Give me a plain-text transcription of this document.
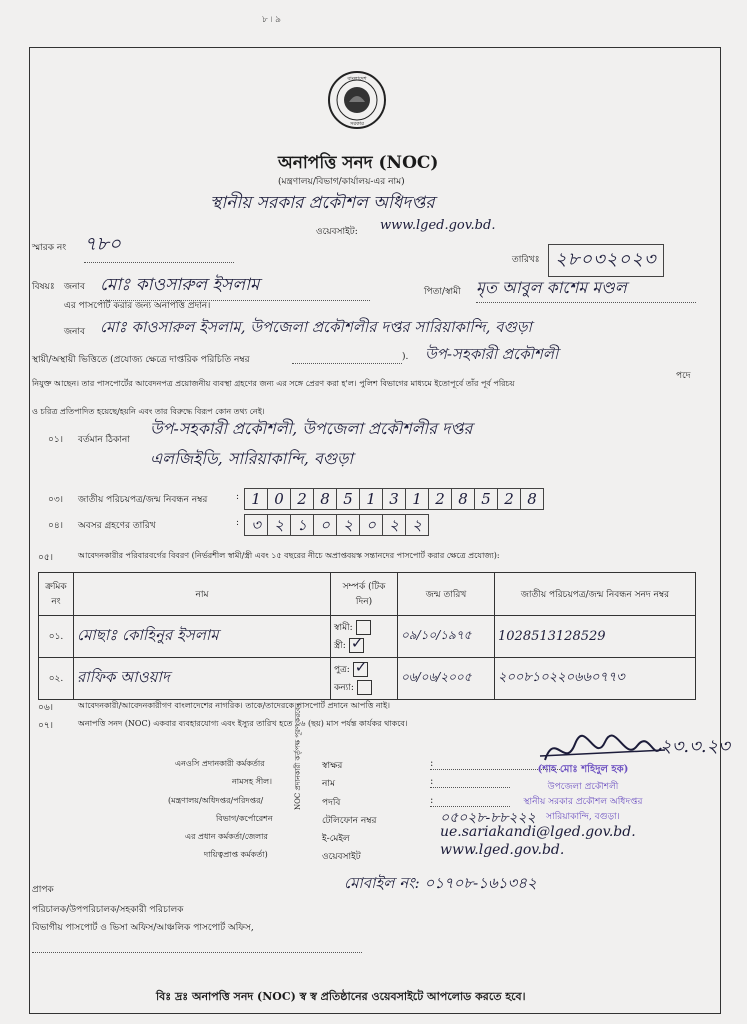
৮ ৷ ৯
বাংলাদেশ
সরকার
অনাপত্তি সনদ (NOC)
(মন্ত্রণালয়/বিভাগ/কার্যালয়-এর নাম)
স্থানীয় সরকার প্রকৌশল অধিদপ্তর
ওয়েবসাইট: www.lged.gov.bd.
স্মারক নং ৭৮০
তারিখঃ ২৮০৩২০২৩
বিষয়ঃ জনাব মোঃ কাওসারুল ইসলাম	পিতা/স্বামী মৃত আবুল কাশেম মণ্ডল
এর পাসপোর্ট করার জন্য অনাপত্তি প্রদান।
জনাব মোঃ কাওসারুল ইসলাম, উপজেলা প্রকৌশলীর দপ্তর সারিয়াকান্দি, বগুড়া
স্থায়ী/অস্থায়ী ভিত্তিতে (প্রযোজ্য ক্ষেত্রে দাপ্তরিক পরিচিতি নম্বর	). উপ-সহকারী প্রকৌশলী
পদে
নিযুক্ত আছেন। তার পাসপোর্টের আবেদনপত্র প্রয়োজনীয় ব্যবস্থা গ্রহণের জন্য এর সঙ্গে প্রেরণ করা হ'ল। পুলিশ বিভাগের মাধ্যমে ইতোপূর্বে তাঁর পূর্ব পরিচয়
ও চরিত্র প্রতিপাদিত হয়েছে/হয়নি এবং তার বিরুদ্ধে বিরূপ কোন তথ্য নেই।
০১। বর্তমান ঠিকানা
উপ-সহকারী প্রকৌশলী, উপজেলা প্রকৌশলীর দপ্তর
এলজিইডি, সারিয়াকান্দি, বগুড়া
০৩। জাতীয় পরিচয়পত্র/জন্ম নিবন্ধন নম্বর	: 1 0 2 8 5 1 3 1 2 8 5 2 8
০৪। অবসর গ্রহণের তারিখ	: ৩ ২ ১ ০ ২ ০ ২ ২
০৫।	আবেদনকারীর পরিবারবর্গের বিবরণ (নির্ভরশীল স্বামী/স্ত্রী এবং ১৫ বছরের নীচে অপ্রাপ্তবয়স্ক সন্তানদের পাসপোর্ট করার ক্ষেত্রে প্রযোজ্য):
ক্রমিক নং	নাম	সম্পর্ক (টিক দিন)	জন্ম তারিখ	জাতীয় পরিচয়পত্র/জন্ম নিবন্ধন সনদ নম্বর
০১.	মোছাঃ কোহিনুর ইসলাম	স্বামী:
স্ত্রী:✓	০৯/১০/১৯৭৫	1028513128529
০২.	রাফিক আওয়াদ	পুত্র:✓
কন্যা:	০৬/০৬/২০০৫	২০০৮১০২২০৬৬০৭৭৩
০৬।	আবেদনকারী/আবেদনকারীগণ বাংলাদেশের নাগরিক। তাকে/তাদেরকে পাসপোর্ট প্রদানে আপত্তি নাই।
০৭।	অনাপত্তি সনদ (NOC) একবার ব্যবহারযোগ্য এবং ইস্যুর তারিখ হতে ০৬ (ছয়) মাস পর্যন্ত কার্যকর থাকবে।
২৩.৩.২৩
এনওসি প্রদানকারী কর্মকর্তার
নামসহ সীল।
(মন্ত্রণালয়/অধিদপ্তর/পরিদপ্তর/
বিভাগ/কর্পোরেশন
এর প্রধান কর্মকর্তা/জেলার
দায়িত্বপ্রাপ্ত কর্মকর্তা)
NOC প্রদানকারী কর্তৃপক্ষ পূরণ করবেন স্বাক্ষর	:
নাম	:
পদবি	:
টেলিফোন নম্বর	০৫০২৮-৮৮২২২
ই-মেইল	ue.sariakandi@lged.gov.bd.
ওয়েবসাইট	www.lged.gov.bd.
(শাহ মোঃ শহিদুল হক)
উপজেলা প্রকৌশলী
স্থানীয় সরকার প্রকৌশল অধিদপ্তর
সারিয়াকান্দি, বগুড়া।
মোবাইল নং: ০১৭০৮-১৬১৩৪২
প্রাপক
পরিচালক/উপপরিচালক/সহকারী পরিচালক
বিভাগীয় পাসপোর্ট ও ভিসা অফিস/আঞ্চলিক পাসপোর্ট অফিস,
বিঃ দ্রঃ অনাপত্তি সনদ (NOC) স্ব স্ব প্রতিষ্ঠানের ওয়েবসাইটে আপলোড করতে হবে।
